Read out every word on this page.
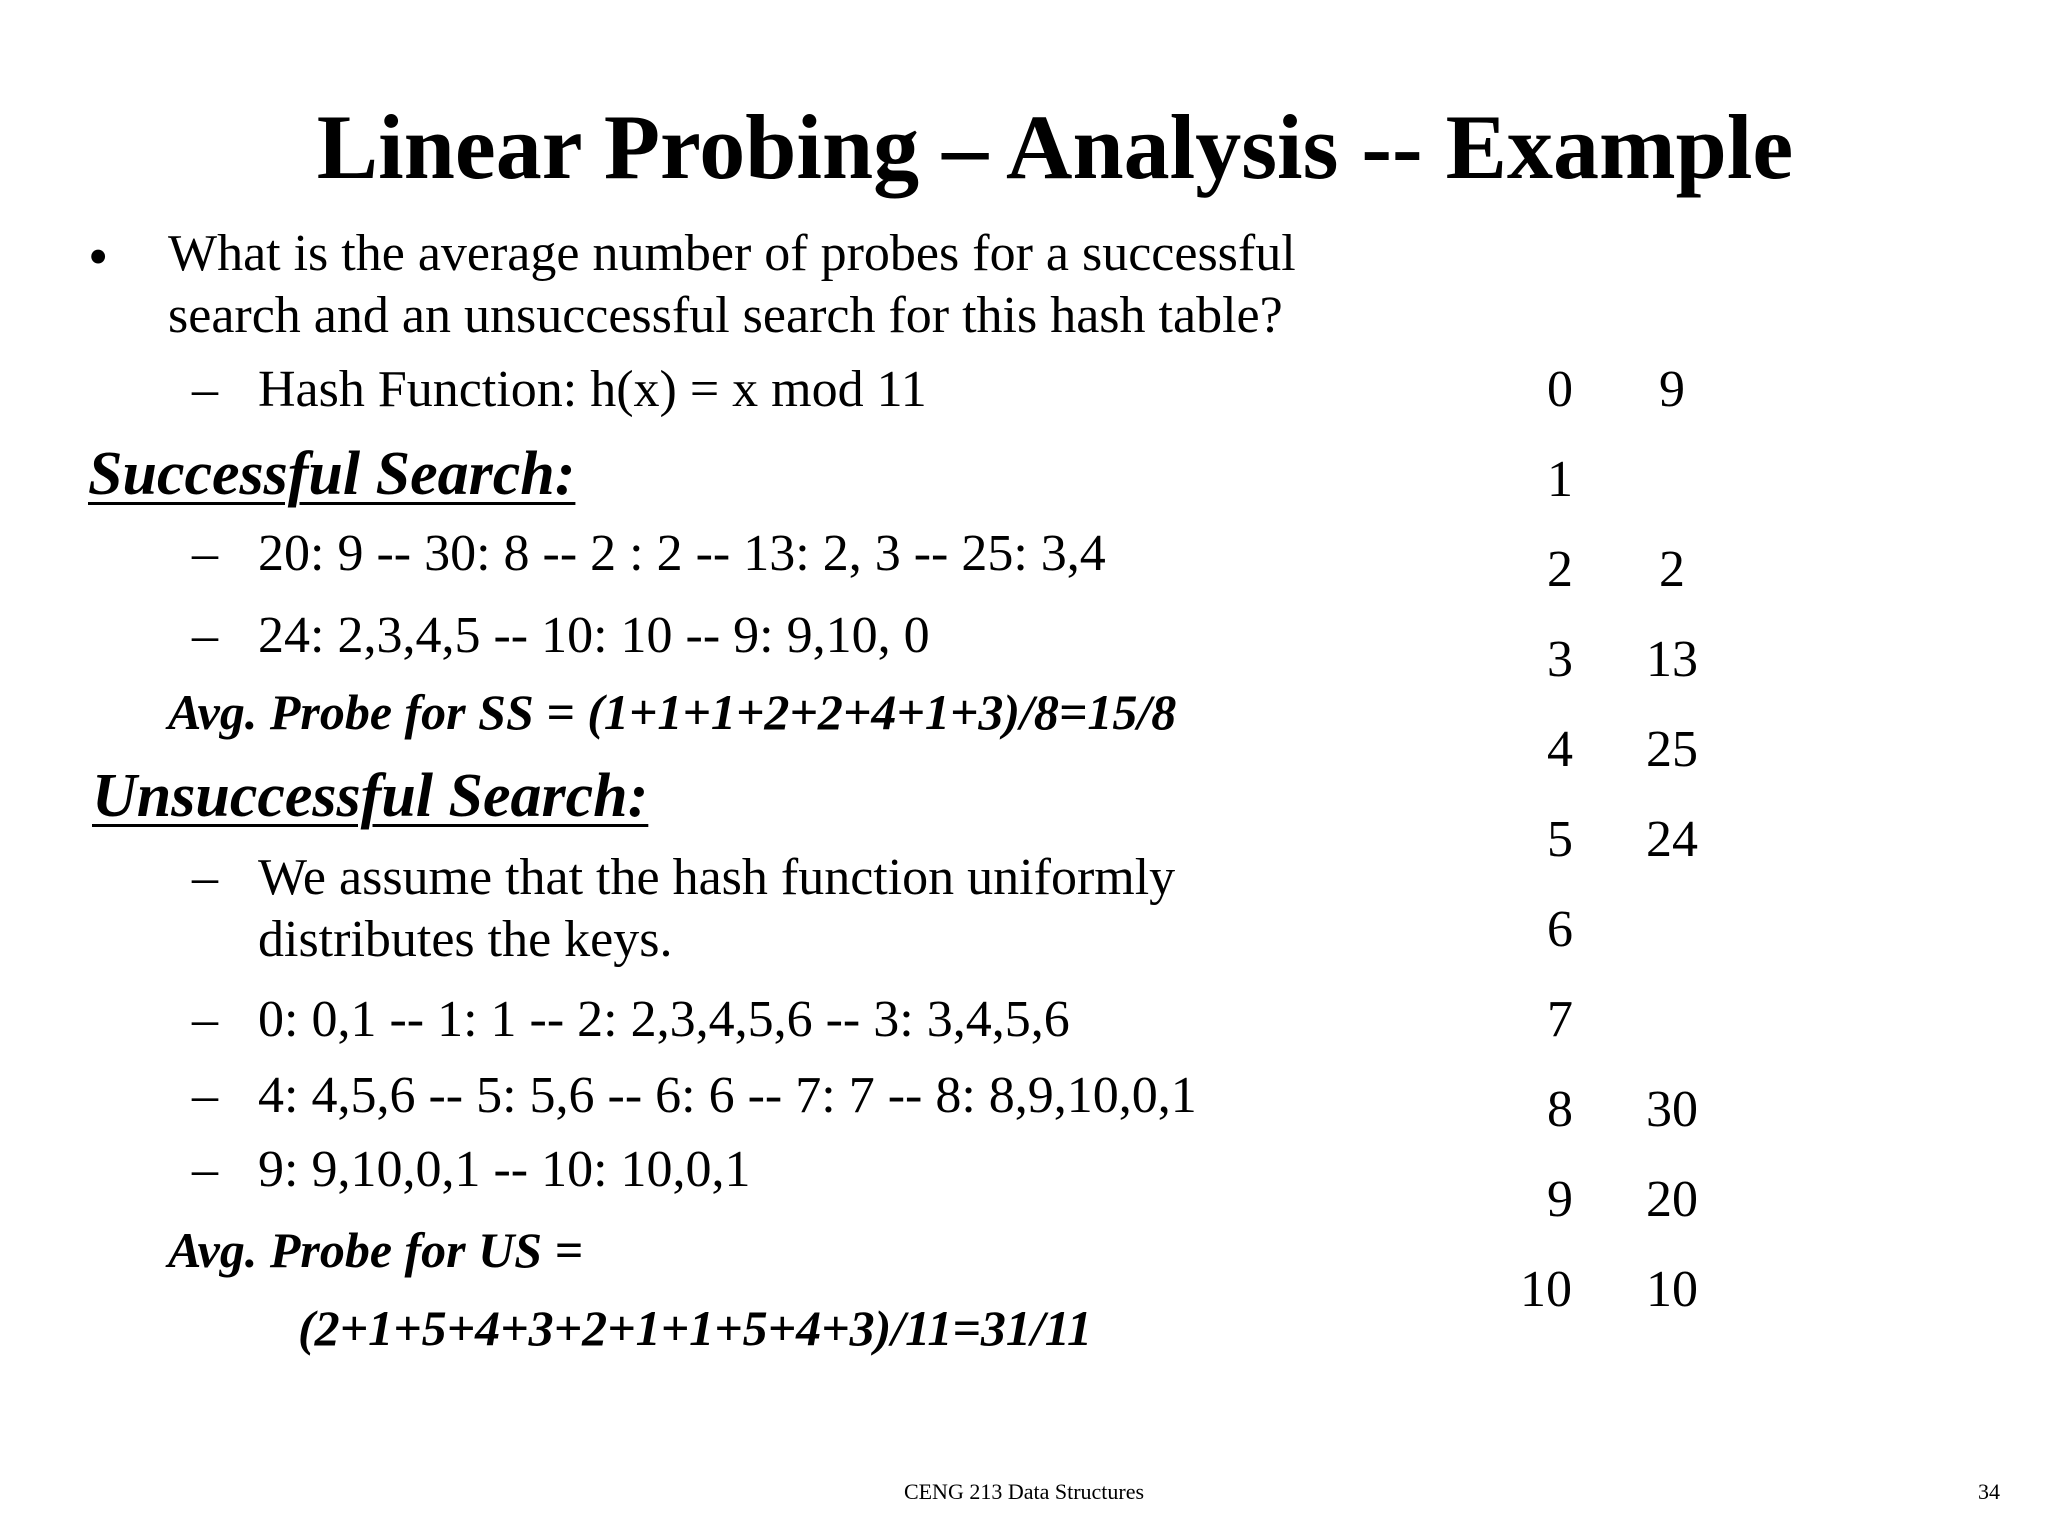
Linear Probing – Analysis -- Example
• What is the average number of probes for a successful
search and an unsuccessful search for this hash table?
– Hash Function: h(x) = x mod 11
Successful Search:
– 20: 9 -- 30: 8 -- 2 : 2 -- 13: 2, 3 -- 25: 3,4
– 24: 2,3,4,5 -- 10: 10 -- 9: 9,10, 0
Avg. Probe for SS = (1+1+1+2+2+4+1+3)/8=15/8
Unsuccessful Search:
– We assume that the hash function uniformly
distributes the keys.
– 0: 0,1 -- 1: 1 -- 2: 2,3,4,5,6 -- 3: 3,4,5,6
– 4: 4,5,6 -- 5: 5,6 -- 6: 6 -- 7: 7 -- 8: 8,9,10,0,1
– 9: 9,10,0,1 -- 10: 10,0,1
Avg. Probe for US =
(2+1+5+4+3+2+1+1+5+4+3)/11=31/11
0	9
1
2	2
3	13
4	25
5	24
6
7
8	30
9	20
10	10
CENG 213 Data Structures	34
